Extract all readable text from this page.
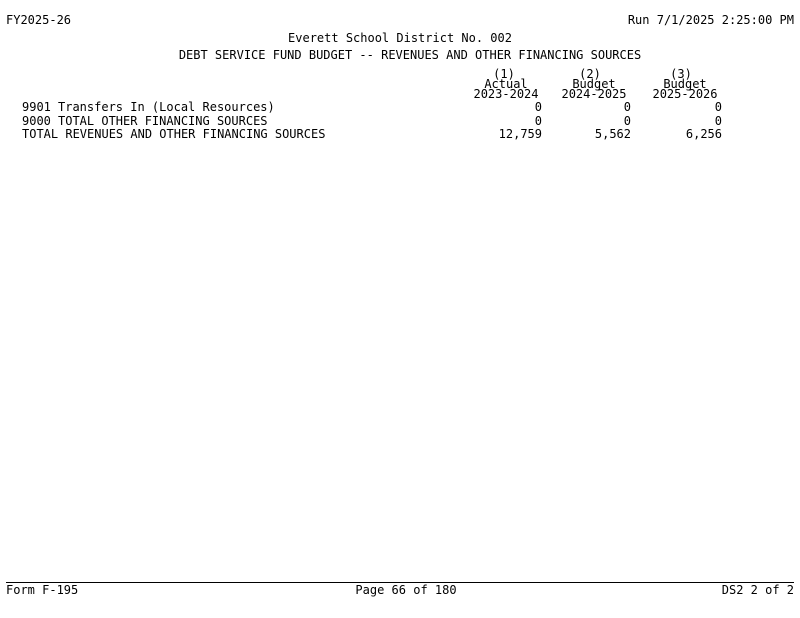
FY2025-26	Run 7/1/2025 2:25:00 PM
Everett School District No. 002
DEBT SERVICE FUND BUDGET -- REVENUES AND OTHER FINANCING SOURCES
(1)
Actual
2023-2024
(2)
Budget
2024-2025
(3)
Budget
2025-2026
9901 Transfers In (Local Resources)	0	0	0
9000 TOTAL OTHER FINANCING SOURCES	0	0	0
TOTAL REVENUES AND OTHER FINANCING SOURCES	12,759	5,562	6,256
Form F-195	Page 66 of 180	DS2 2 of 2
